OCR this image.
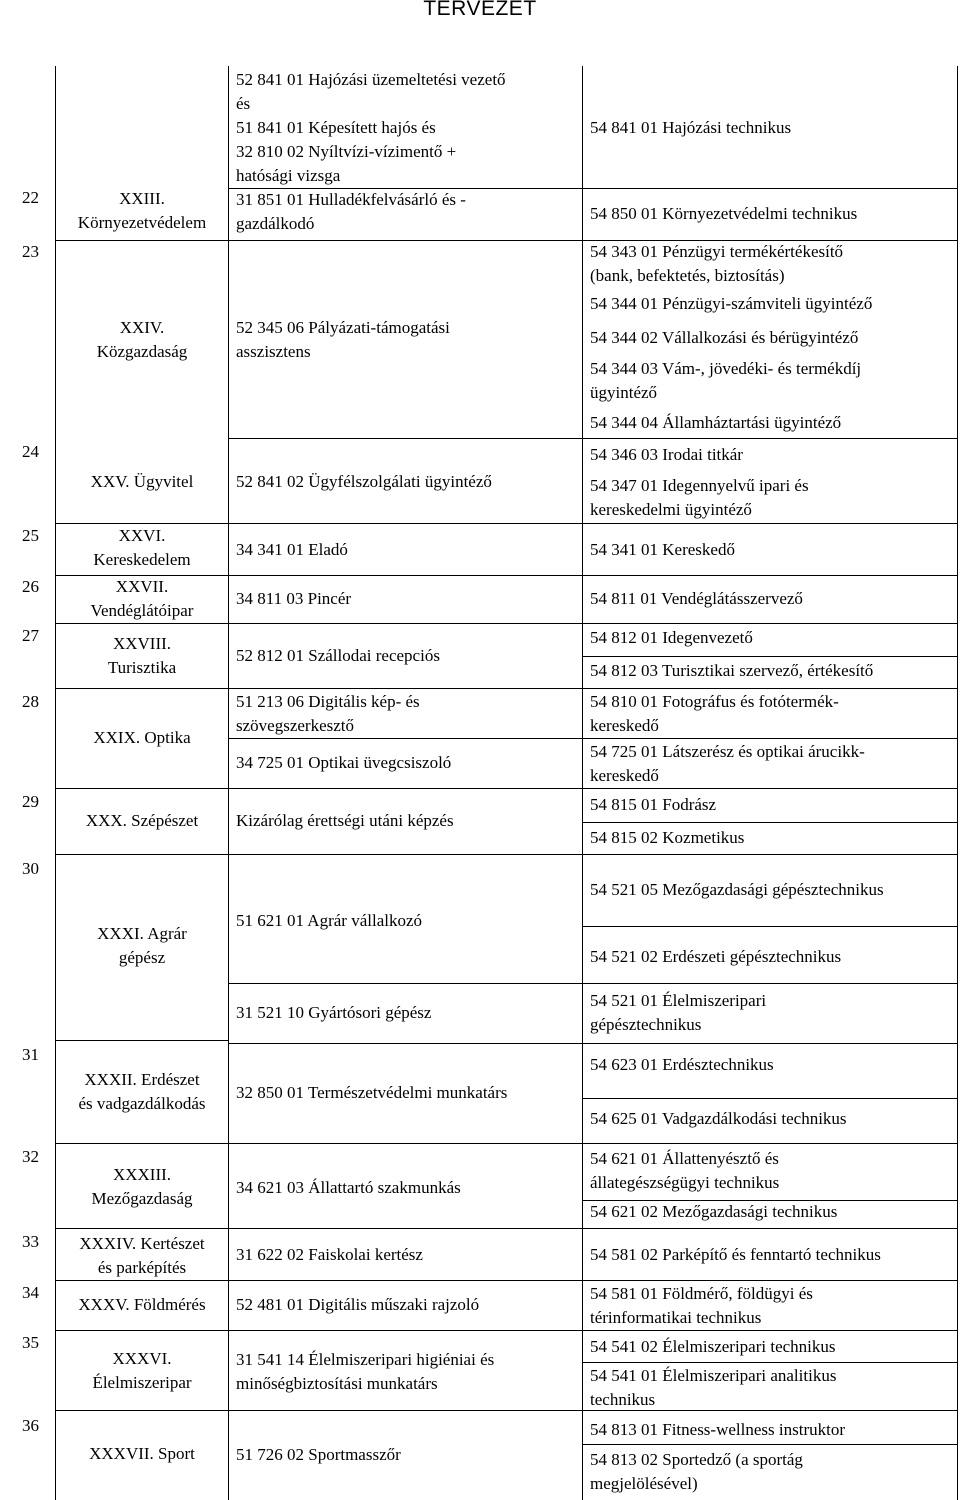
TERVEZET
22
23
24
25
26
27
28
29
30
31
32
33
34
35
36
XXIII.
Környezetvédelem
XXIV.
Közgazdaság
XXV. Ügyvitel
XXVI.
Kereskedelem
XXVII.
Vendéglátóipar
XXVIII.
Turisztika
XXIX. Optika
XXX. Szépészet
XXXI. Agrár
gépész
XXXII. Erdészet
és vadgazdálkodás
XXXIII.
Mezőgazdaság
XXXIV. Kertészet
és parképítés
XXXV. Földmérés
XXXVI.
Élelmiszeripar
XXXVII. Sport
52 841 01 Hajózási üzemeltetési vezető
és
51 841 01 Képesített hajós és
32 810 02 Nyíltvízi-vízimentő +
hatósági vizsga
31 851 01 Hulladékfelvásárló és -
gazdálkodó
52 345 06 Pályázati-támogatási
asszisztens
52 841 02 Ügyfélszolgálati ügyintéző
34 341 01 Eladó
34 811 03 Pincér
52 812 01 Szállodai recepciós
51 213 06 Digitális kép- és
szövegszerkesztő
34 725 01 Optikai üvegcsiszoló
Kizárólag érettségi utáni képzés
51 621 01 Agrár vállalkozó
31 521 10 Gyártósori gépész
32 850 01 Természetvédelmi munkatárs
34 621 03 Állattartó szakmunkás
31 622 02 Faiskolai kertész
52 481 01 Digitális műszaki rajzoló
31 541 14 Élelmiszeripari higiéniai és
minőségbiztosítási munkatárs
51 726 02 Sportmasszőr
54 841 01 Hajózási technikus
54 850 01 Környezetvédelmi technikus
54 343 01 Pénzügyi termékértékesítő
(bank, befektetés, biztosítás)
54 344 01 Pénzügyi-számviteli ügyintéző
54 344 02 Vállalkozási és bérügyintéző
54 344 03 Vám-, jövedéki- és termékdíj
ügyintéző
54 344 04 Államháztartási ügyintéző
54 346 03 Irodai titkár
54 347 01 Idegennyelvű ipari és
kereskedelmi ügyintéző
54 341 01 Kereskedő
54 811 01 Vendéglátásszervező
54 812 01 Idegenvezető
54 812 03 Turisztikai szervező, értékesítő
54 810 01 Fotográfus és fotótermék-
kereskedő
54 725 01 Látszerész és optikai árucikk-
kereskedő
54 815 01 Fodrász
54 815 02 Kozmetikus
54 521 05 Mezőgazdasági gépésztechnikus
54 521 02 Erdészeti gépésztechnikus
54 521 01 Élelmiszeripari
gépésztechnikus
54 623 01 Erdésztechnikus
54 625 01 Vadgazdálkodási technikus
54 621 01 Állattenyésztő és
állategészségügyi technikus
54 621 02 Mezőgazdasági technikus
54 581 02 Parképítő és fenntartó technikus
54 581 01 Földmérő, földügyi és
térinformatikai technikus
54 541 02 Élelmiszeripari technikus
54 541 01 Élelmiszeripari analitikus
technikus
54 813 01 Fitness-wellness instruktor
54 813 02 Sportedző (a sportág
megjelölésével)
